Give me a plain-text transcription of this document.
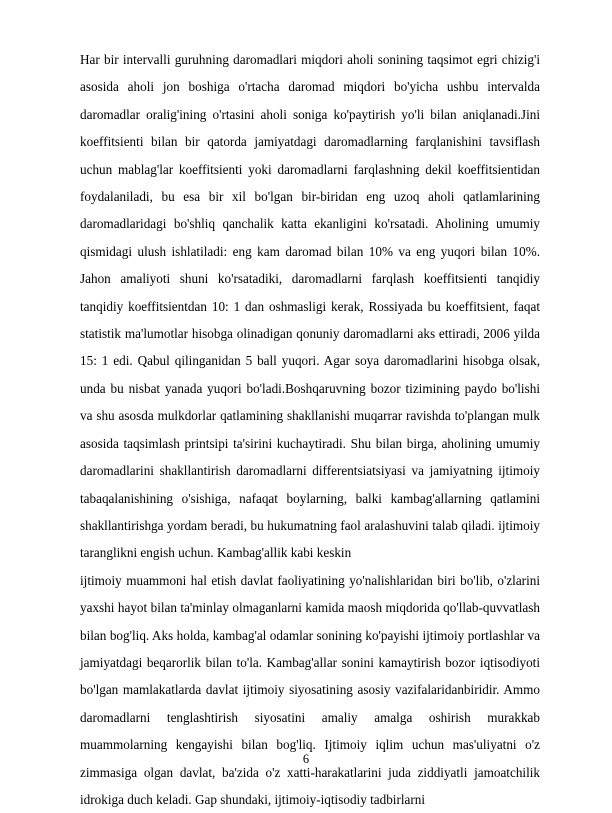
Har bir intervalli guruhning daromadlari miqdori aholi sonining taqsimot egri chizig'i asosida aholi jon boshiga o'rtacha daromad miqdori bo'yicha ushbu intervalda daromadlar oralig'ining o'rtasini aholi soniga ko'paytirish yo'li bilan aniqlanadi.Jini koeffitsienti bilan bir qatorda jamiyatdagi daromadlarning farqlanishini tavsiflash uchun mablag'lar koeffitsienti yoki daromadlarni farqlashning dekil koeffitsientidan foydalaniladi, bu esa bir xil bo'lgan bir-biridan eng uzoq aholi qatlamlarining daromadlaridagi bo'shliq qanchalik katta ekanligini ko'rsatadi. Aholining umumiy qismidagi ulush ishlatiladi: eng kam daromad bilan 10% va eng yuqori bilan 10%. Jahon amaliyoti shuni ko'rsatadiki, daromadlarni farqlash koeffitsienti tanqidiy tanqidiy koeffitsientdan 10: 1 dan oshmasligi kerak, Rossiyada bu koeffitsient, faqat statistik ma'lumotlar hisobga olinadigan qonuniy daromadlarni aks ettiradi, 2006 yilda 15: 1 edi. Qabul qilinganidan 5 ball yuqori. Agar soya daromadlarini hisobga olsak, unda bu nisbat yanada yuqori bo'ladi.Boshqaruvning bozor tizimining paydo bo'lishi va shu asosda mulkdorlar qatlamining shakllanishi muqarrar ravishda to'plangan mulk asosida taqsimlash printsipi ta'sirini kuchaytiradi. Shu bilan birga, aholining umumiy daromadlarini shakllantirish daromadlarni differentsiatsiyasi va jamiyatning ijtimoiy tabaqalanishining o'sishiga, nafaqat boylarning, balki kambag'allarning qatlamini shakllantirishga yordam beradi, bu hukumatning faol aralashuvini talab qiladi. ijtimoiy taranglikni engish uchun. Kambag'allik kabi keskin

ijtimoiy muammoni hal etish davlat faoliyatining yo'nalishlaridan biri bo'lib, o'zlarini yaxshi hayot bilan ta'minlay olmaganlarni kamida maosh miqdorida qo'llab-quvvatlash bilan bog'liq. Aks holda, kambag'al odamlar sonining ko'payishi ijtimoiy portlashlar va jamiyatdagi beqarorlik bilan to'la. Kambag'allar sonini kamaytirish bozor iqtisodiyoti bo'lgan mamlakatlarda davlat ijtimoiy siyosatining asosiy vazifalaridanbiridir. Ammo daromadlarni tenglashtirish siyosatini amaliy amalga oshirish murakkab muammolarning kengayishi bilan bog'liq. Ijtimoiy iqlim uchun mas'uliyatni o'z zimmasiga olgan davlat, ba'zida o'z xatti-harakatlarini juda ziddiyatli jamoatchilik idrokiga duch keladi. Gap shundaki, ijtimoiy-iqtisodiy tadbirlarni

6
